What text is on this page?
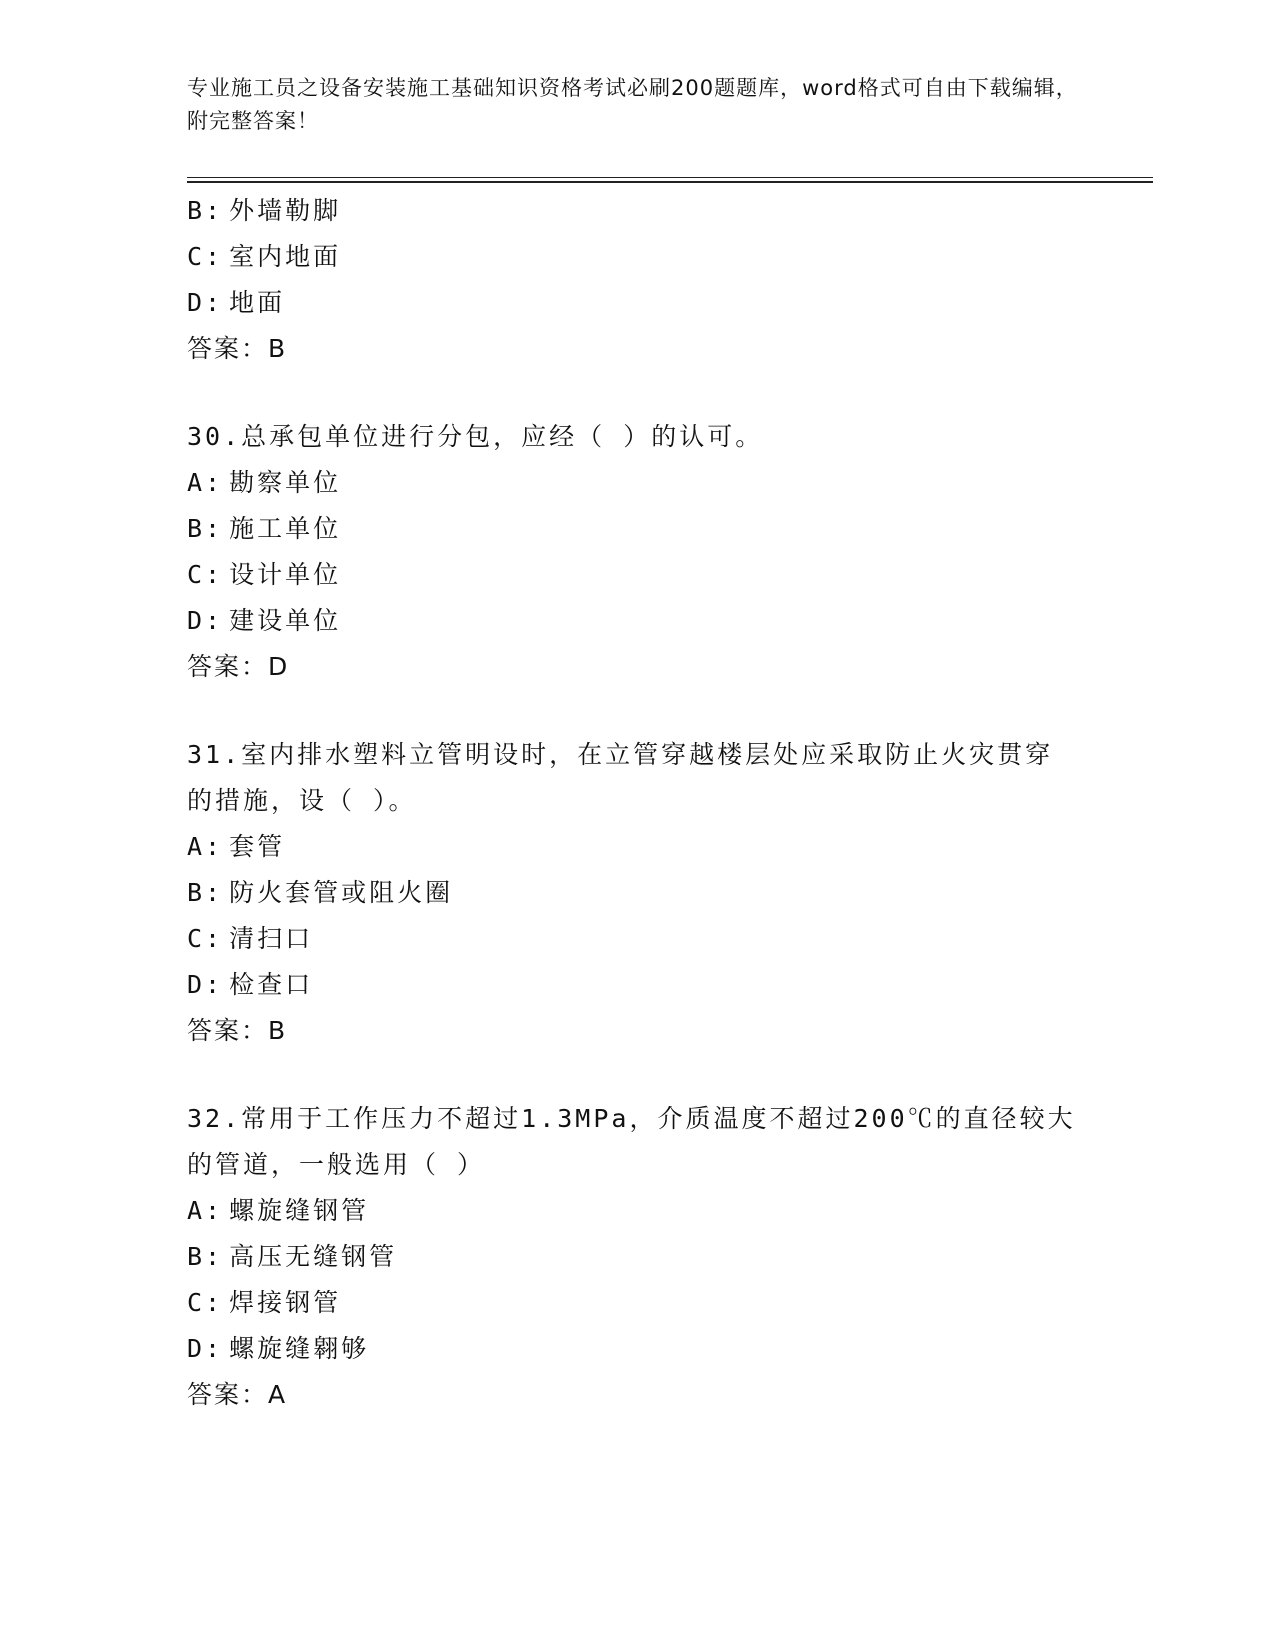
专业施工员之设备安装施工基础知识资格考试必刷200题题库，word格式可自由下载编辑，附完整答案！
B: 外墙勒脚
C: 室内地面
D: 地面
答案：B
30.总承包单位进行分包，应经（ ）的认可。
A: 勘察单位
B: 施工单位
C: 设计单位
D: 建设单位
答案：D
31.室内排水塑料立管明设时，在立管穿越楼层处应采取防止火灾贯穿
的措施，设（ ）。
A: 套管
B: 防火套管或阻火圈
C: 清扫口
D: 检查口
答案：B
32.常用于工作压力不超过1.3MPa，介质温度不超过200℃的直径较大
的管道，一般选用（ ）
A: 螺旋缝钢管
B: 高压无缝钢管
C: 焊接钢管
D: 螺旋缝翱够
答案：A
